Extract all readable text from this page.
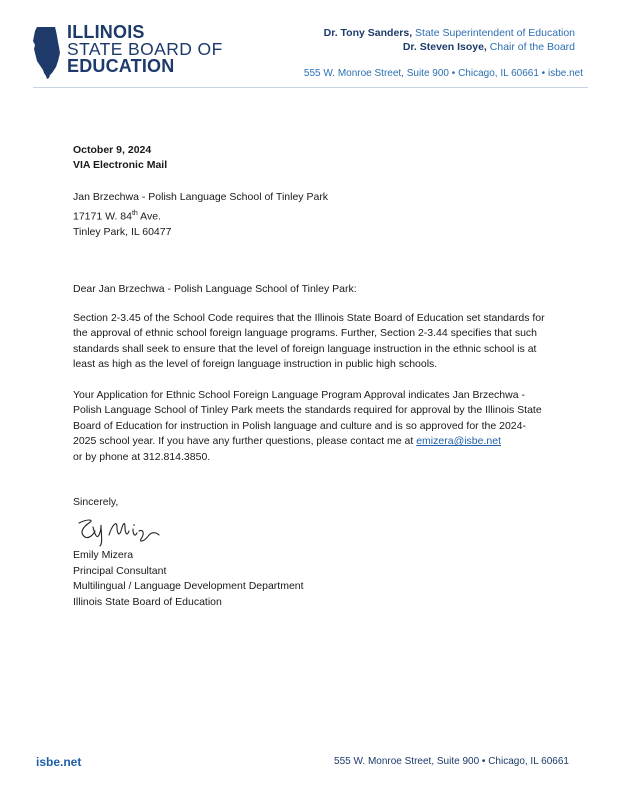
ILLINOIS
STATE BOARD OF
EDUCATION
Dr. Tony Sanders, State Superintendent of Education
Dr. Steven Isoye, Chair of the Board
555 W. Monroe Street, Suite 900 • Chicago, IL 60661 • isbe.net
October 9, 2024
VIA Electronic Mail
Jan Brzechwa - Polish Language School of Tinley Park
17171 W. 84th Ave.
Tinley Park, IL 60477
Dear Jan Brzechwa - Polish Language School of Tinley Park:

Section 2-3.45 of the School Code requires that the Illinois State Board of Education set standards for the approval of ethnic school foreign language programs. Further, Section 2-3.44 specifies that such standards shall seek to ensure that the level of foreign language instruction in the ethnic school is at least as high as the level of foreign language instruction in public high schools.

Your Application for Ethnic School Foreign Language Program Approval indicates Jan Brzechwa - Polish Language School of Tinley Park meets the standards required for approval by the Illinois State Board of Education for instruction in Polish language and culture and is so approved for the 2024-2025 school year. If you have any further questions, please contact me at emizera@isbe.net
or by phone at 312.814.3850.

Sincerely,
Emily Mizera
Principal Consultant
Multilingual / Language Development Department
Illinois State Board of Education
isbe.net	555 W. Monroe Street, Suite 900 • Chicago, IL 60661
